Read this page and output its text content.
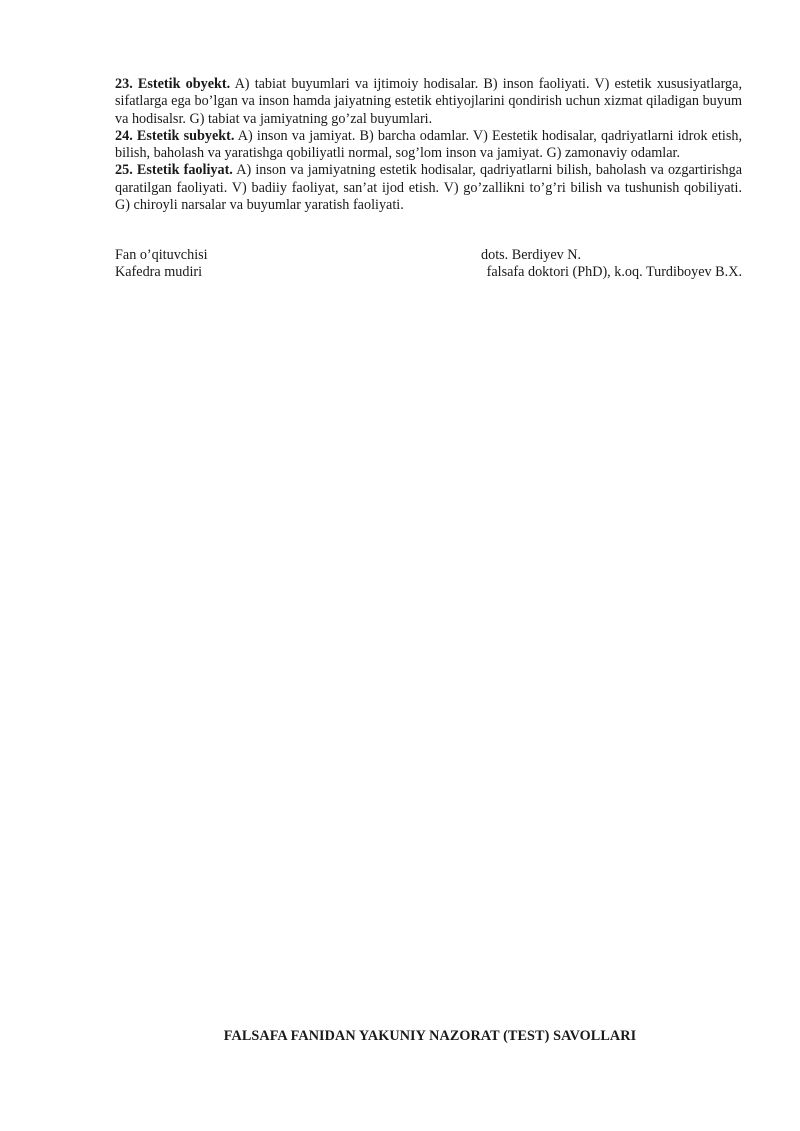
23. Estetik obyekt. A) tabiat buyumlari va ijtimoiy hodisalar. B) inson faoliyati. V) estetik xususiyatlarga, sifatlarga ega bo’lgan va inson hamda jaiyatning estetik ehtiyojlarini qondirish uchun xizmat qiladigan buyum va hodisalsr. G) tabiat va jamiyatning go’zal buyumlari.

24. Estetik subyekt. A) inson va jamiyat. B) barcha odamlar. V) Eestetik hodisalar, qadriyatlarni idrok etish, bilish, baholash va yaratishga qobiliyatli normal, sog’lom inson va jamiyat. G) zamonaviy odamlar.

25. Estetik faoliyat. A) inson va jamiyatning estetik hodisalar, qadriyatlarni bilish, baholash va ozgartirishga qaratilgan faoliyati. V) badiiy faoliyat, san’at ijod etish. V) go’zallikni to’g’ri bilish va tushunish qobiliyati. G) chiroyli narsalar va buyumlar yaratish faoliyati.

Fan o’qituvchisi	dots. Berdiyev N.
Kafedra mudiri	falsafa doktori (PhD), k.oq. Turdiboyev B.X.
FALSAFA FANIDAN YAKUNIY NAZORAT (TEST) SAVOLLARI
